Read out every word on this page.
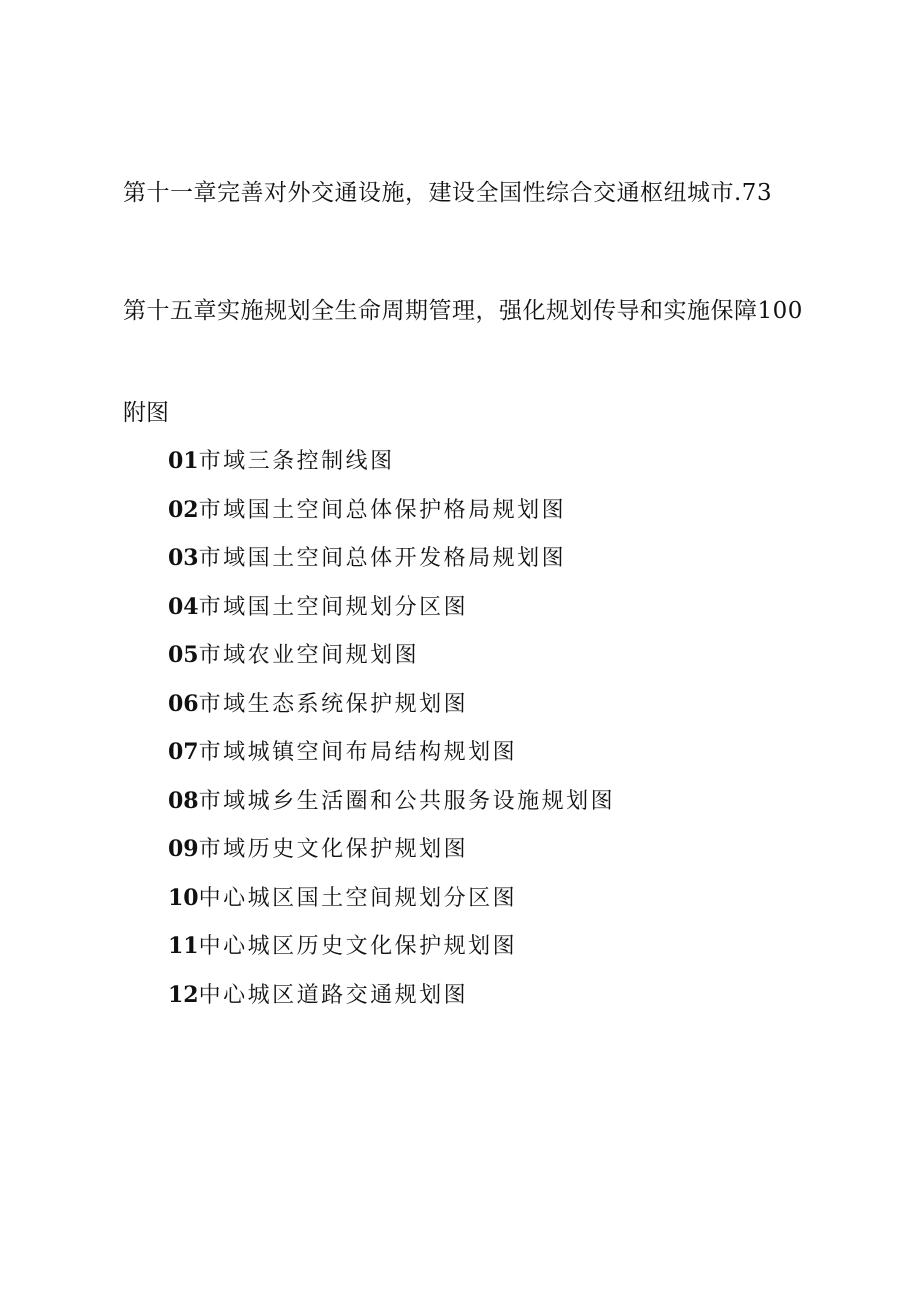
第十一章完善对外交通设施，建设全国性综合交通枢纽城市.73
第十五章实施规划全生命周期管理，强化规划传导和实施保障100
附图
01市域三条控制线图
02市域国土空间总体保护格局规划图
03市域国土空间总体开发格局规划图
04市域国土空间规划分区图
05市域农业空间规划图
06市域生态系统保护规划图
07市域城镇空间布局结构规划图
08市域城乡生活圈和公共服务设施规划图
09市域历史文化保护规划图
10中心城区国土空间规划分区图
11中心城区历史文化保护规划图
12中心城区道路交通规划图
